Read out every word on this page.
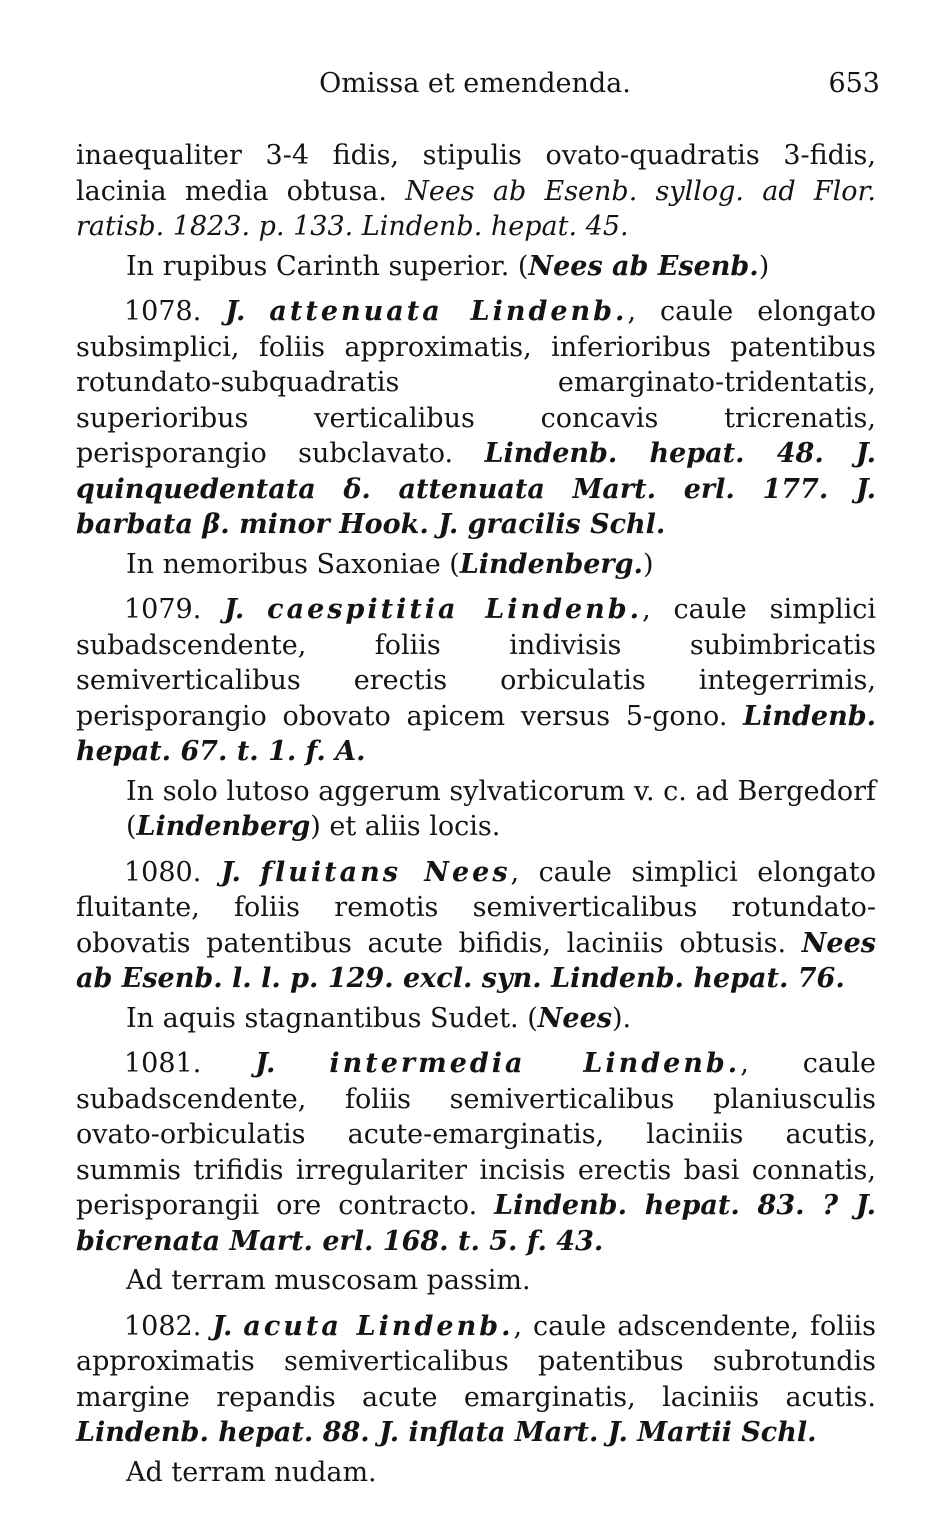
Omissa et emendenda.	653

inaequaliter 3-4 fidis, stipulis ovato-quadratis 3-fidis, lacinia media obtusa. Nees ab Esenb. syllog. ad Flor. ratisb. 1823. p. 133. Lindenb. hepat. 45.

In rupibus Carinth superior. (Nees ab Esenb.)

1078. J. attenuata Lindenb., caule elongato subsimplici, foliis approximatis, inferioribus patentibus rotundato-subquadratis emarginato-tridentatis, superioribus verticalibus concavis tricrenatis, perisporangio subclavato. Lindenb. hepat. 48. J. quinquedentata δ. attenuata Mart. erl. 177. J. barbata β. minor Hook. J. gracilis Schl.

In nemoribus Saxoniae (Lindenberg.)

1079. J. caespititia Lindenb., caule simplici subadscendente, foliis indivisis subimbricatis semiverticalibus erectis orbiculatis integerrimis, perisporangio obovato apicem versus 5-gono. Lindenb. hepat. 67. t. 1. f. A.

In solo lutoso aggerum sylvaticorum v. c. ad Bergedorf (Lindenberg) et aliis locis.

1080. J. fluitans Nees, caule simplici elongato fluitante, foliis remotis semiverticalibus rotundato-obovatis patentibus acute bifidis, laciniis obtusis. Nees ab Esenb. l. l. p. 129. excl. syn. Lindenb. hepat. 76.

In aquis stagnantibus Sudet. (Nees).

1081. J. intermedia Lindenb., caule subadscendente, foliis semiverticalibus planiusculis ovato-orbiculatis acute-emarginatis, laciniis acutis, summis trifidis irregulariter incisis erectis basi connatis, perisporangii ore contracto. Lindenb. hepat. 83. ? J. bicrenata Mart. erl. 168. t. 5. f. 43.

Ad terram muscosam passim.

1082. J. acuta Lindenb., caule adscendente, foliis approximatis semiverticalibus patentibus subrotundis margine repandis acute emarginatis, laciniis acutis. Lindenb. hepat. 88. J. inflata Mart. J. Martii Schl.

Ad terram nudam.
